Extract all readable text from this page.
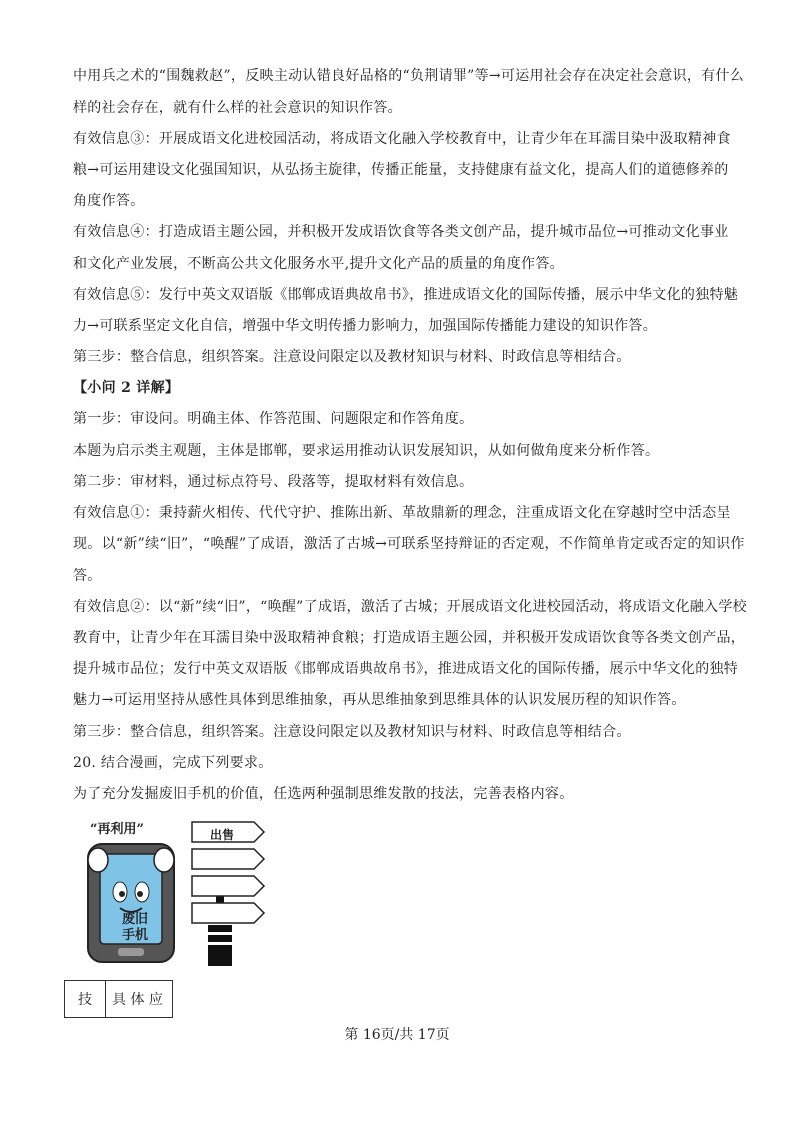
中用兵之术的“围魏救赵”，反映主动认错良好品格的“负荆请罪”等→可运用社会存在决定社会意识，有什么
样的社会存在，就有什么样的社会意识的知识作答。
有效信息③：开展成语文化进校园活动，将成语文化融入学校教育中，让青少年在耳濡目染中汲取精神食
粮→可运用建设文化强国知识，从弘扬主旋律，传播正能量，支持健康有益文化，提高人们的道德修养的
角度作答。
有效信息④：打造成语主题公园，并积极开发成语饮食等各类文创产品，提升城市品位→可推动文化事业
和文化产业发展，不断高公共文化服务水平,提升文化产品的质量的角度作答。
有效信息⑤：发行中英文双语版《邯郸成语典故帛书》，推进成语文化的国际传播，展示中华文化的独特魅
力→可联系坚定文化自信，增强中华文明传播力影响力，加强国际传播能力建设的知识作答。
第三步：整合信息，组织答案。注意设问限定以及教材知识与材料、时政信息等相结合。
【小问 2 详解】
第一步：审设问。明确主体、作答范围、问题限定和作答角度。
本题为启示类主观题，主体是邯郸，要求运用推动认识发展知识，从如何做角度来分析作答。
第二步：审材料，通过标点符号、段落等，提取材料有效信息。
有效信息①：秉持薪火相传、代代守护、推陈出新、革故鼎新的理念，注重成语文化在穿越时空中活态呈
现。以“新”续“旧”，“唤醒”了成语，激活了古城→可联系坚持辩证的否定观，不作简单肯定或否定的知识作
答。
有效信息②：以“新”续“旧”，“唤醒”了成语，激活了古城；开展成语文化进校园活动，将成语文化融入学校
教育中，让青少年在耳濡目染中汲取精神食粮；打造成语主题公园，并积极开发成语饮食等各类文创产品，
提升城市品位；发行中英文双语版《邯郸成语典故帛书》，推进成语文化的国际传播，展示中华文化的独特
魅力→可运用坚持从感性具体到思维抽象，再从思维抽象到思维具体的认识发展历程的知识作答。
第三步：整合信息，组织答案。注意设问限定以及教材知识与材料、时政信息等相结合。
20. 结合漫画，完成下列要求。
为了充分发掘废旧手机的价值，任选两种强制思维发散的技法，完善表格内容。
“再利用”	出售
废旧
手机
技	具 体 应
第 16页/共 17页
